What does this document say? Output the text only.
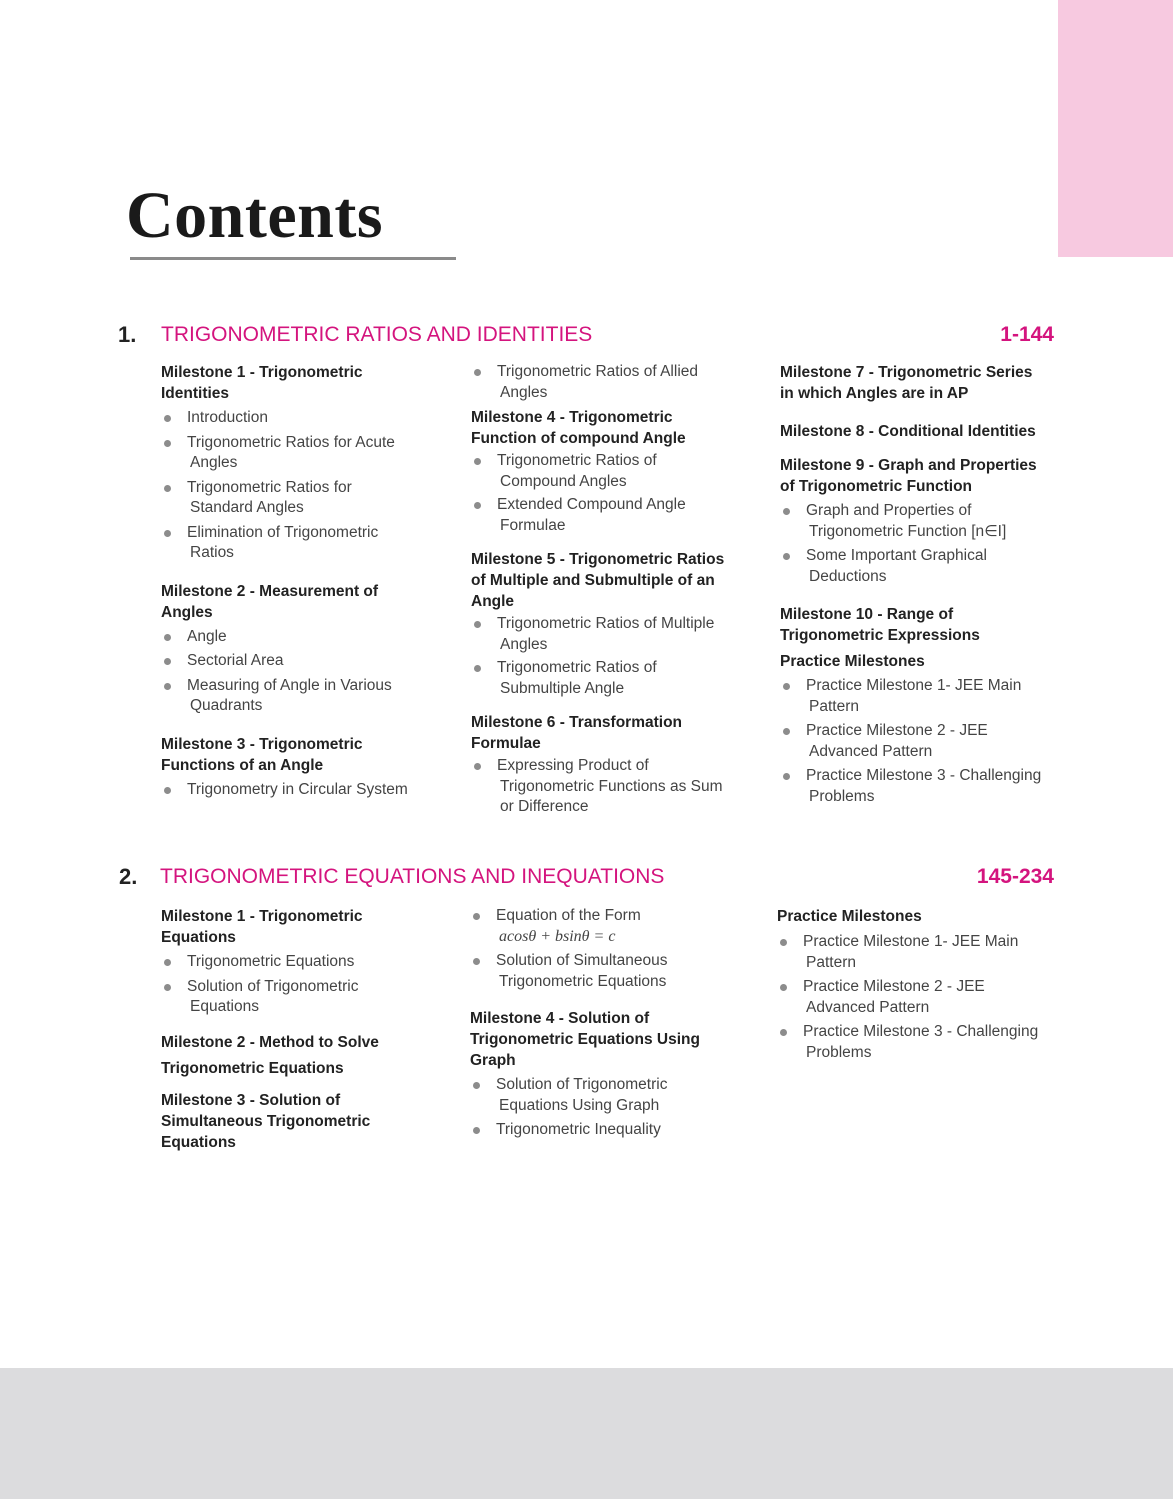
Contents
1. TRIGONOMETRIC RATIOS AND IDENTITIES	1-144
Milestone 1 - Trigonometric
Identities
Introduction
Trigonometric Ratios for Acute
Angles
Trigonometric Ratios for
Standard Angles
Elimination of Trigonometric
Ratios
Milestone 2 - Measurement of
Angles
Angle
Sectorial Area
Measuring of Angle in Various
Quadrants
Milestone 3 - Trigonometric
Functions of an Angle
Trigonometry in Circular System
Trigonometric Ratios of Allied
Angles
Milestone 4 - Trigonometric
Function of compound Angle
Trigonometric Ratios of
Compound Angles
Extended Compound Angle
Formulae
Milestone 5 - Trigonometric Ratios
of Multiple and Submultiple of an
Angle
Trigonometric Ratios of Multiple
Angles
Trigonometric Ratios of
Submultiple Angle
Milestone 6 - Transformation
Formulae
Expressing Product of
Trigonometric Functions as Sum
or Difference
Milestone 7 - Trigonometric Series
in which Angles are in AP
Milestone 8 - Conditional Identities
Milestone 9 - Graph and Properties
of Trigonometric Function
Graph and Properties of
Trigonometric Function [n∈I]
Some Important Graphical
Deductions
Milestone 10 - Range of
Trigonometric Expressions
Practice Milestones
Practice Milestone 1- JEE Main
Pattern
Practice Milestone 2 - JEE
Advanced Pattern
Practice Milestone 3 - Challenging
Problems
2. TRIGONOMETRIC EQUATIONS AND INEQUATIONS	145-234
Milestone 1 - Trigonometric
Equations
Trigonometric Equations
Solution of Trigonometric
Equations
Milestone 2 - Method to Solve
Trigonometric Equations
Milestone 3 - Solution of
Simultaneous Trigonometric
Equations
Equation of the Form
acosθ + bsinθ = c
Solution of Simultaneous
Trigonometric Equations
Milestone 4 - Solution of
Trigonometric Equations Using
Graph
Solution of Trigonometric
Equations Using Graph
Trigonometric Inequality
Practice Milestones
Practice Milestone 1- JEE Main
Pattern
Practice Milestone 2 - JEE
Advanced Pattern
Practice Milestone 3 - Challenging
Problems
